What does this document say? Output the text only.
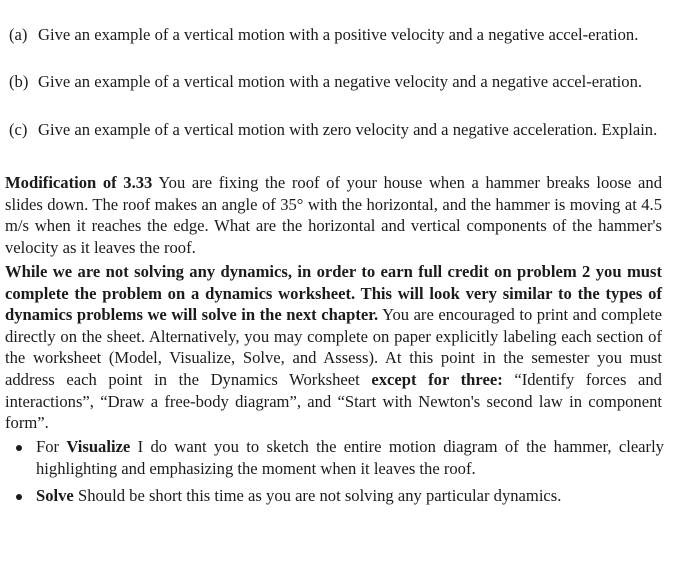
(a) Give an example of a vertical motion with a positive velocity and a negative accel-eration.
(b) Give an example of a vertical motion with a negative velocity and a negative accel-eration.
(c) Give an example of a vertical motion with zero velocity and a negative acceleration. Explain.
Modification of 3.33 You are fixing the roof of your house when a hammer breaks loose and slides down. The roof makes an angle of 35° with the horizontal, and the hammer is moving at 4.5 m/s when it reaches the edge. What are the horizontal and vertical components of the hammer's velocity as it leaves the roof.
While we are not solving any dynamics, in order to earn full credit on problem 2 you must complete the problem on a dynamics worksheet. This will look very similar to the types of dynamics problems we will solve in the next chapter. You are encouraged to print and complete directly on the sheet. Alternatively, you may complete on paper explicitly labeling each section of the worksheet (Model, Visualize, Solve, and Assess). At this point in the semester you must address each point in the Dynamics Worksheet except for three: “Identify forces and interactions”, “Draw a free-body diagram”, and “Start with Newton's second law in component form”.
For Visualize I do want you to sketch the entire motion diagram of the hammer, clearly highlighting and emphasizing the moment when it leaves the roof.
Solve Should be short this time as you are not solving any particular dynamics.
